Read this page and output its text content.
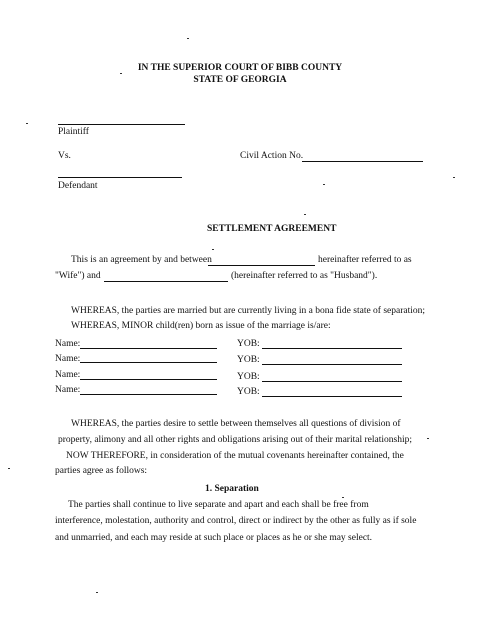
IN THE SUPERIOR COURT OF BIBB COUNTY
STATE OF GEORGIA
Plaintiff
Vs.	Civil Action No.
Defendant
SETTLEMENT AGREEMENT
This is an agreement by and between	hereinafter referred to as
"Wife") and	(hereinafter referred to as "Husband").
WHEREAS, the parties are married but are currently living in a bona fide state of separation;
WHEREAS, MINOR child(ren) born as issue of the marriage is/are:
Name:	YOB:
Name:	YOB:
Name:	YOB:
Name:	YOB:
WHEREAS, the parties desire to settle between themselves all questions of division of
property, alimony and all other rights and obligations arising out of their marital relationship;
NOW THEREFORE, in consideration of the mutual covenants hereinafter contained, the
parties agree as follows:
1. Separation
The parties shall continue to live separate and apart and each shall be free from
interference, molestation, authority and control, direct or indirect by the other as fully as if sole
and unmarried, and each may reside at such place or places as he or she may select.
